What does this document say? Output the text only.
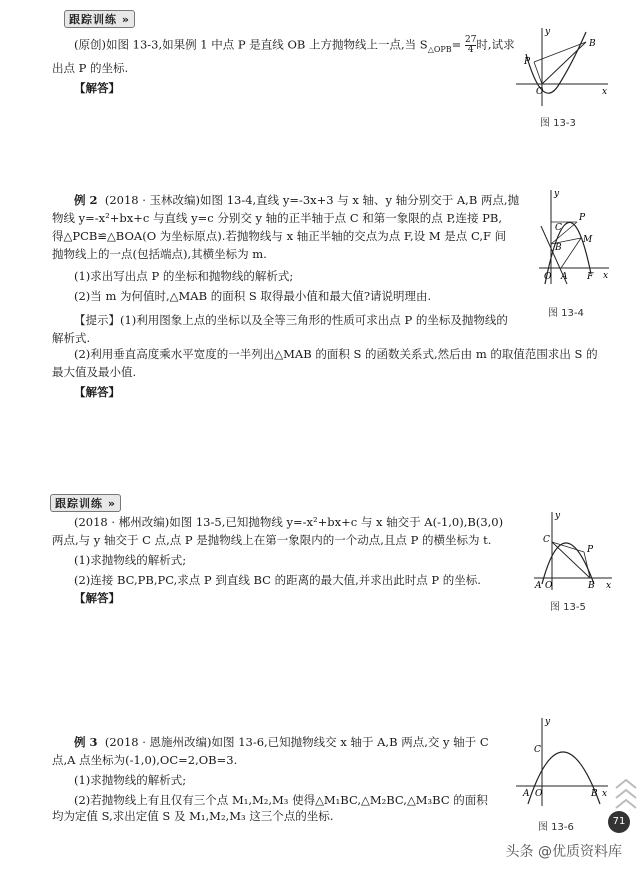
跟踪训练 »
(原创)如图 13-3,如果例 1 中点 P 是直线 OB 上方抛物线上一点,当 $S_{\triangle OPB}= \frac{27}{4}$ 时,试求
出点 P 的坐标.
【解答】
y
x
O
P
B
图 13-3
例 2 (2018 · 玉林改编)如图 13-4,直线 y=-3x+3 与 x 轴、y 轴分别交于 A,B 两点,抛
物线 y=-x²+bx+c 与直线 y=c 分别交 y 轴的正半轴于点 C 和第一象限的点 P,连接 PB,
得△PCB≌△BOA(O 为坐标原点).若抛物线与 x 轴正半轴的交点为点 F,设 M 是点 C,F 间
抛物线上的一点(包括端点),其横坐标为 m.
(1)求出写出点 P 的坐标和抛物线的解析式;
(2)当 m 为何值时,△MAB 的面积 S 取得最小值和最大值?请说明理由.
【提示】(1)利用图象上点的坐标以及全等三角形的性质可求出点 P 的坐标及抛物线的
解析式.
(2)利用垂直高度乘水平宽度的一半列出△MAB 的面积 S 的函数关系式,然后由 m 的取值范围求出 S 的
最大值及最小值.
【解答】
y
x
O A F
B
C
P
M
图 13-4
跟踪训练 »
(2018 · 郴州改编)如图 13-5,已知抛物线 y=-x²+bx+c 与 x 轴交于 A(-1,0),B(3,0)
两点,与 y 轴交于 C 点,点 P 是抛物线上在第一象限内的一个动点,且点 P 的横坐标为 t.
(1)求抛物线的解析式;
(2)连接 BC,PB,PC,求点 P 到直线 BC 的距离的最大值,并求出此时点 P 的坐标.
【解答】
y
x
O
A	B
C
P
图 13-5
例 3 (2018 · 恩施州改编)如图 13-6,已知抛物线交 x 轴于 A,B 两点,交 y 轴于 C
点,A 点坐标为(-1,0),OC=2,OB=3.
(1)求抛物线的解析式;
(2)若抛物线上有且仅有三个点 M₁,M₂,M₃ 使得△M₁BC,△M₂BC,△M₃BC 的面积
均为定值 S,求出定值 S 及 M₁,M₂,M₃ 这三个点的坐标.
y
x
O
A	B
C
图 13-6
71
头条 @优质资料库
